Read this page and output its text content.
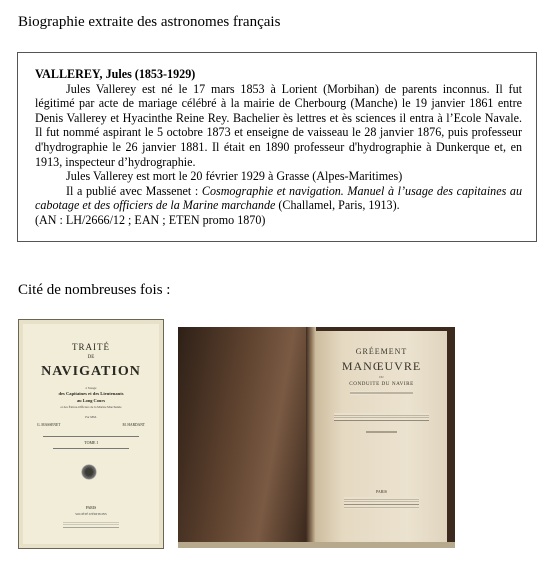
Biographie extraite des astronomes français

VALLEREY, Jules (1853-1929)

Jules Vallerey est né le 17 mars 1853 à Lorient (Morbihan) de parents inconnus. Il fut légitimé par acte de mariage célébré à la mairie de Cherbourg (Manche) le 19 janvier 1861 entre Denis Vallerey et Hyacinthe Reine Rey. Bachelier ès lettres et ès sciences il entra à l’Ecole Navale. Il fut nommé aspirant le 5 octobre 1873 et enseigne de vaisseau le 28 janvier 1876, puis professeur d'hydrographie le 26 janvier 1881. Il était en 1890 professeur d'hydrographie à Dunkerque et, en 1913, inspecteur d’hydrographie.

Jules Vallerey est mort le 20 février 1929 à Grasse (Alpes-Maritimes)

Il a publié avec Massenet : Cosmographie et navigation. Manuel à l’usage des capitaines au cabotage et des officiers de la Marine marchande (Challamel, Paris, 1913).

(AN : LH/2666/12 ; EAN ; ETEN promo 1870)

Cité de nombreuses fois :
TRAITÉ
DE
NAVIGATION
à l'usage
des Capitaines et des Lieutenants
au Long Cours
et des Élèves-Officiers de la Marine Marchande
Par MM.
G. MASSENET	M. HARDANT
TOME I
PARIS
SOCIÉTÉ D'ÉDITIONS
GRÉEMENT
MANŒUVRE
DU
CONDUITE DU NAVIRE
PARIS
